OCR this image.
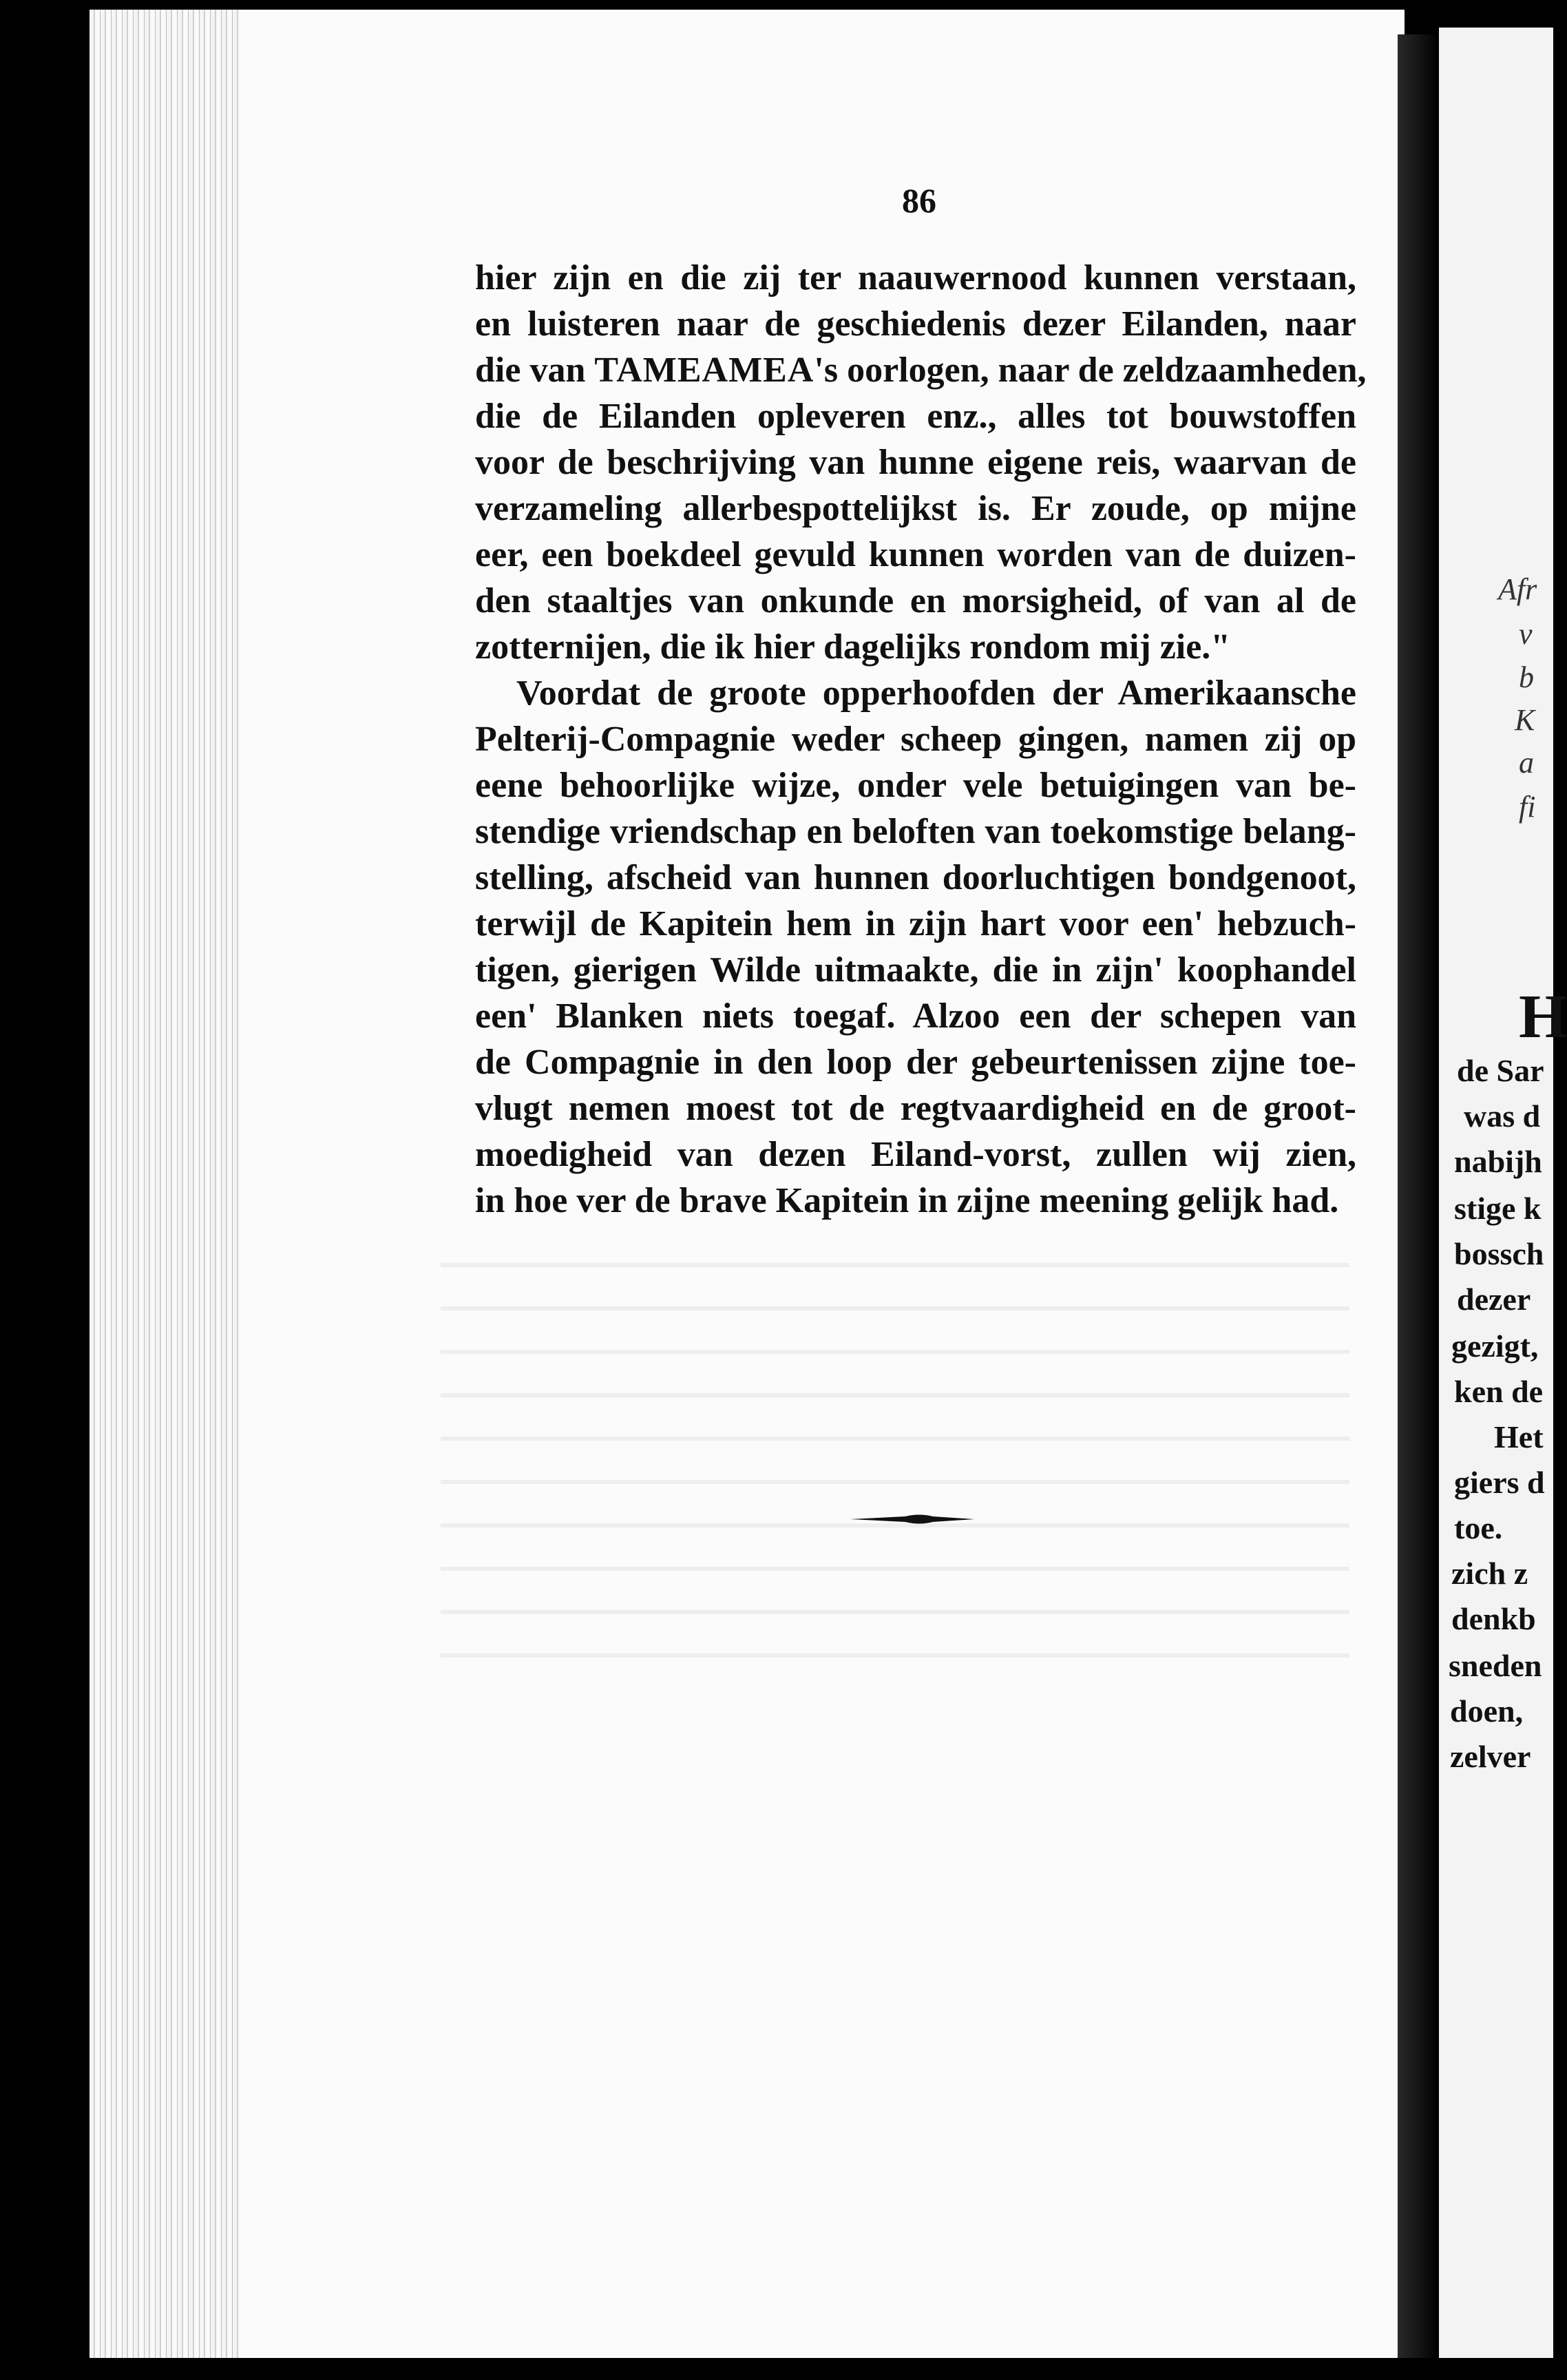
86
hier zijn en die zij ter naauwernood kunnen verstaan,
en luisteren naar de geschiedenis dezer Eilanden, naar
die van TAMEAMEA's oorlogen, naar de zeldzaamheden,
die de Eilanden opleveren enz., alles tot bouwstoffen
voor de beschrijving van hunne eigene reis, waarvan de
verzameling allerbespottelijkst is. Er zoude, op mijne
eer, een boekdeel gevuld kunnen worden van de duizen-
den staaltjes van onkunde en morsigheid, of van al de
zotternijen, die ik hier dagelijks rondom mij zie."
Voordat de groote opperhoofden der Amerikaansche
Pelterij-Compagnie weder scheep gingen, namen zij op
eene behoorlijke wijze, onder vele betuigingen van be-
stendige vriendschap en beloften van toekomstige belang-
stelling, afscheid van hunnen doorluchtigen bondgenoot,
terwijl de Kapitein hem in zijn hart voor een' hebzuch-
tigen, gierigen Wilde uitmaakte, die in zijn' koophandel
een' Blanken niets toegaf. Alzoo een der schepen van
de Compagnie in den loop der gebeurtenissen zijne toe-
vlugt nemen moest tot de regtvaardigheid en de groot-
moedigheid van dezen Eiland-vorst, zullen wij zien,
in hoe ver de brave Kapitein in zijne meening gelijk had.
Afr
v
b
K
a
fi
H
de Sar
was d
nabijh
stige k
bossch
dezer
gezigt,
ken de
Het
giers d
toe.
zich z
denkb
sneden
doen,
zelver
